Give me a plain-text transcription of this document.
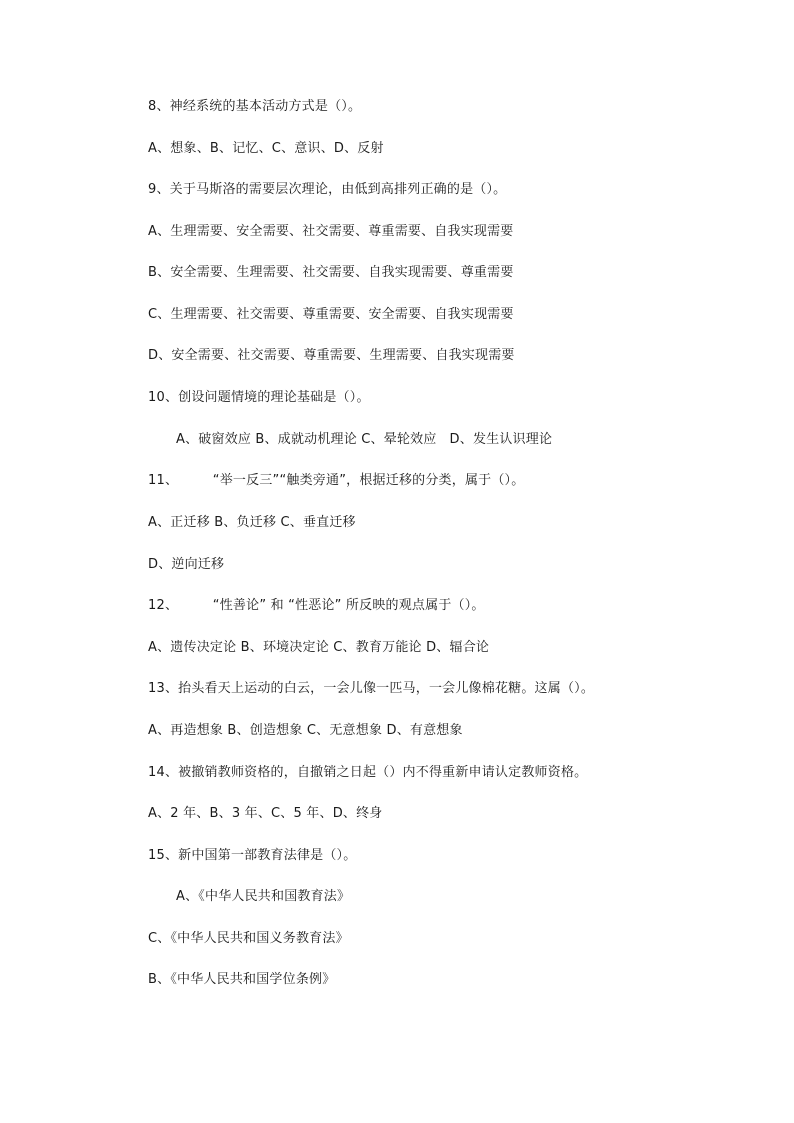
8、神经系统的基本活动方式是（）。
A、想象、B、记忆、C、意识、D、反射
9、关于马斯洛的需要层次理论，由低到高排列正确的是（）。
A、生理需要、安全需要、社交需要、尊重需要、自我实现需要
B、安全需要、生理需要、社交需要、自我实现需要、尊重需要
C、生理需要、社交需要、尊重需要、安全需要、自我实现需要
D、安全需要、社交需要、尊重需要、生理需要、自我实现需要
10、创设问题情境的理论基础是（）。
A、破窗效应 B、成就动机理论 C、晕轮效应   D、发生认识理论
11、        “举一反三”“触类旁通”，根据迁移的分类，属于（）。
A、正迁移 B、负迁移 C、垂直迁移
D、逆向迁移
12、        “性善论” 和 “性恶论” 所反映的观点属于（）。
A、遗传决定论 B、环境决定论 C、教育万能论 D、辐合论
13、抬头看天上运动的白云，一会儿像一匹马，一会儿像棉花糖。这属（）。
A、再造想象 B、创造想象 C、无意想象 D、有意想象
14、被撤销教师资格的，自撤销之日起（）内不得重新申请认定教师资格。
A、2 年、B、3 年、C、5 年、D、终身
15、新中国第一部教育法律是（）。
A、《中华人民共和国教育法》
C、《中华人民共和国义务教育法》
B、《中华人民共和国学位条例》
